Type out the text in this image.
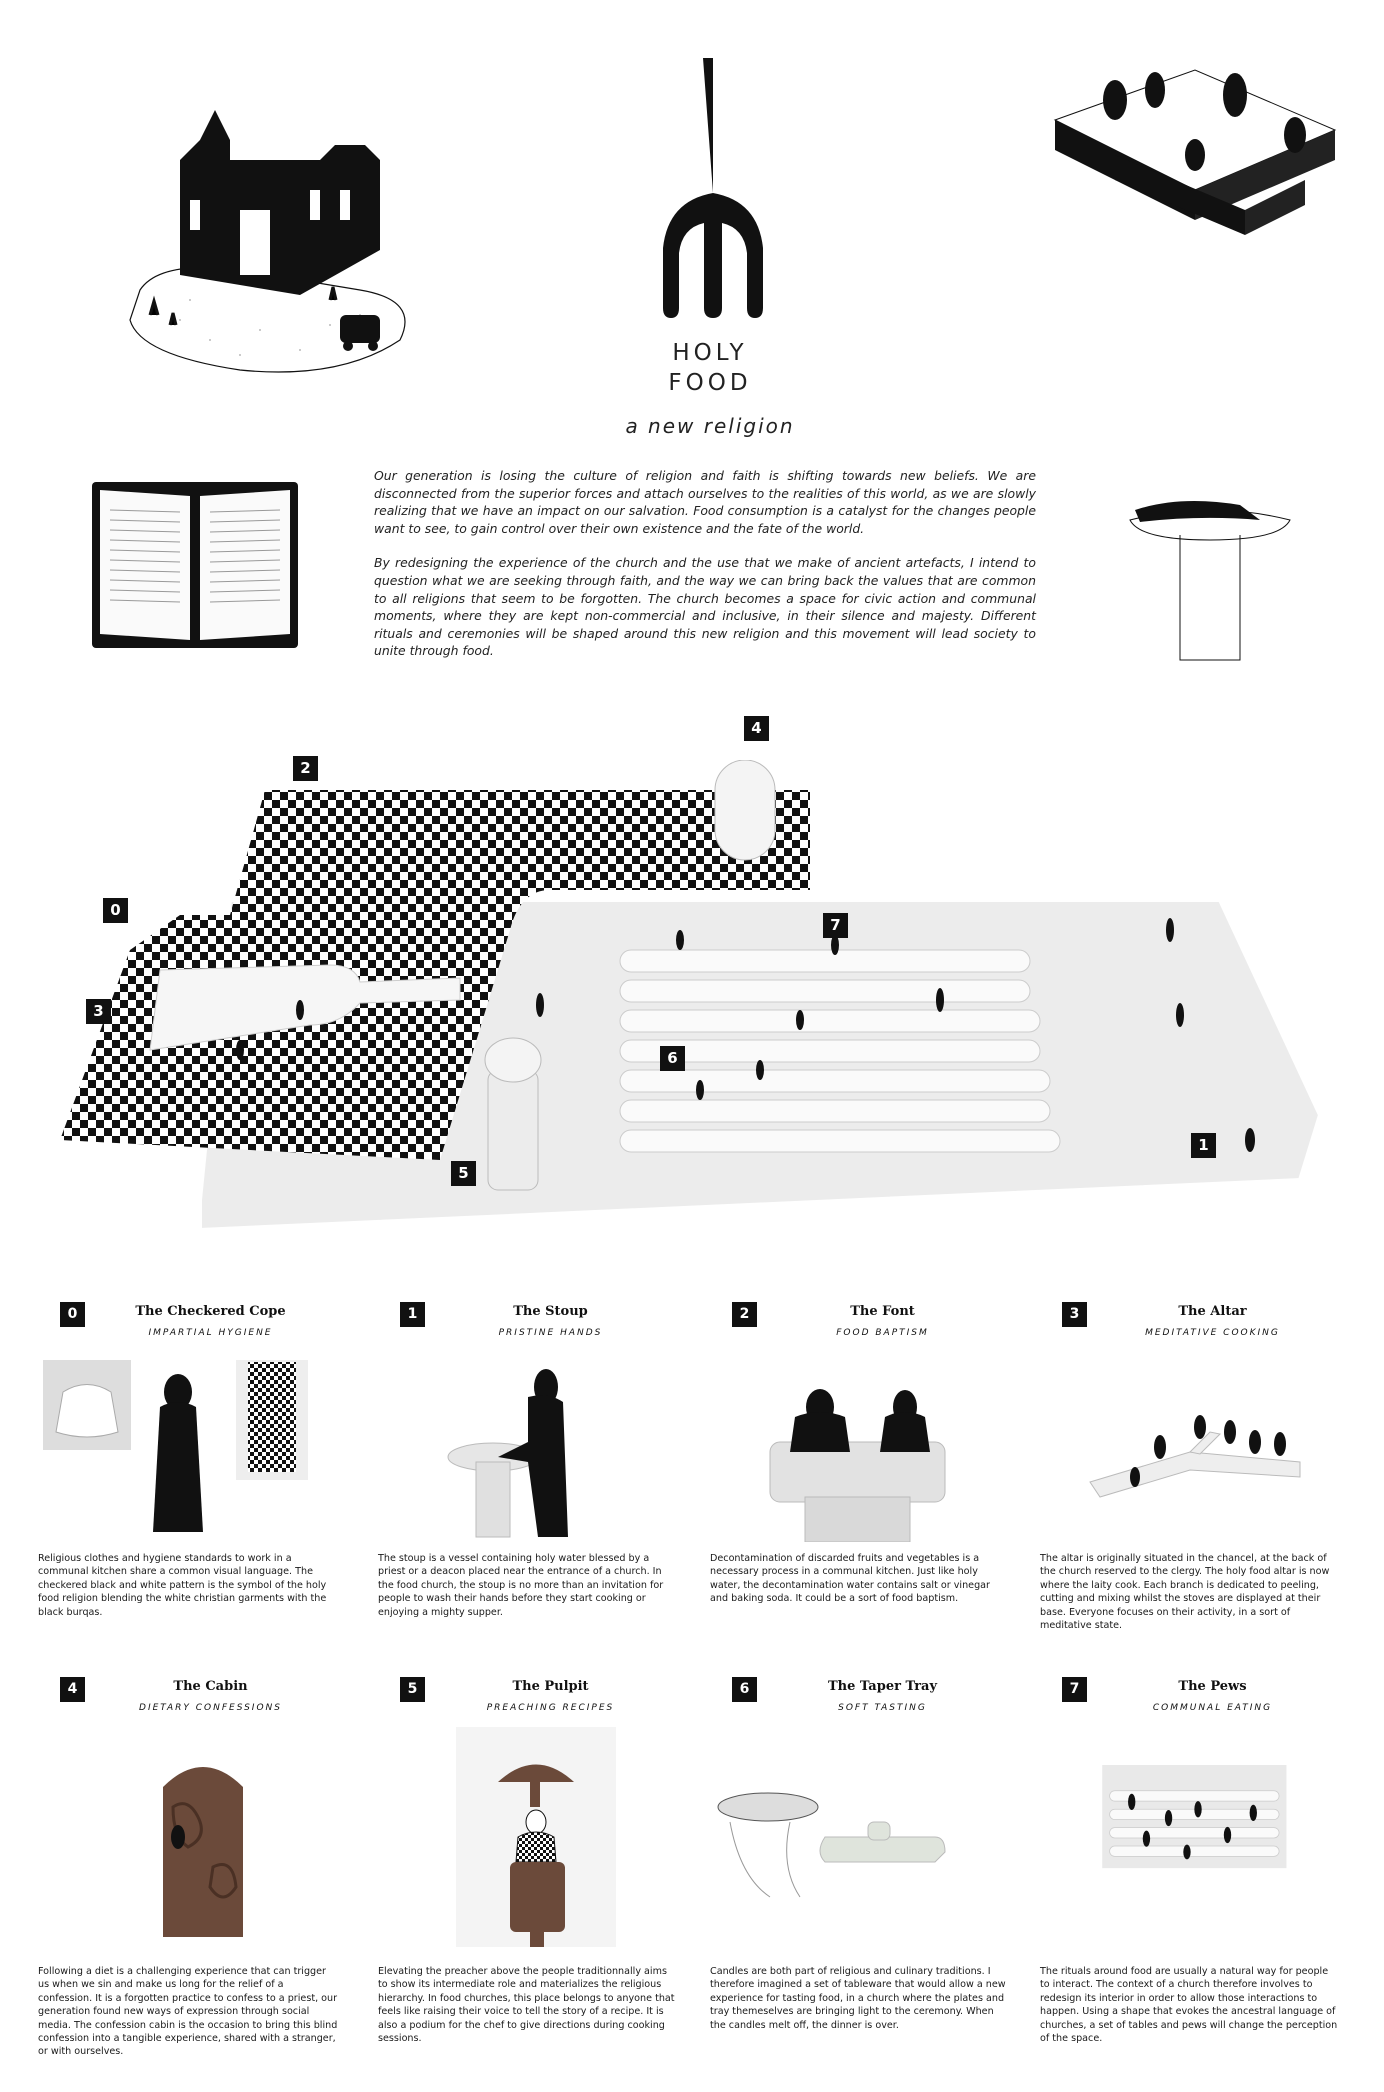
HOLY
FOOD
a new religion

Our generation is losing the culture of religion and faith is shifting towards new beliefs. We are disconnected from the superior forces and attach ourselves to the realities of this world, as we are slowly realizing that we have an impact on our salvation. Food consumption is a catalyst for the changes people want to see, to gain control over their own existence and the fate of the world.

By redesigning the experience of the church and the use that we make of ancient artefacts, I intend to question what we are seeking through faith, and the way we can bring back the values that are common to all religions that seem to be forgotten. The church becomes a space for civic action and communal moments, where they are kept non-commercial and inclusive, in their silence and majesty. Different rituals and ceremonies will be shaped around this new religion and this movement will lead society to unite through food.

0
1
2
3
4
5
6
7
0	The Checkered Cope
IMPARTIAL HYGIENE
Religious clothes and hygiene standards to work in a communal kitchen share a common visual language. The checkered black and white pattern is the symbol of the holy food religion blending the white christian garments with the black burqas.
1	The Stoup
PRISTINE HANDS
The stoup is a vessel containing holy water blessed by a priest or a deacon placed near the entrance of a church. In the food church, the stoup is no more than an invitation for people to wash their hands before they start cooking or enjoying a mighty supper.
2	The Font
FOOD BAPTISM
Decontamination of discarded fruits and vegetables is a necessary process in a communal kitchen. Just like holy water, the decontamination water contains salt or vinegar and baking soda. It could be a sort of food baptism.
3	The Altar
MEDITATIVE COOKING
The altar is originally situated in the chancel, at the back of the church reserved to the clergy. The holy food altar is now where the laity cook. Each branch is dedicated to peeling, cutting and mixing whilst the stoves are displayed at their base. Everyone focuses on their activity, in a sort of meditative state.
4	The Cabin
DIETARY CONFESSIONS
Following a diet is a challenging experience that can trigger us when we sin and make us long for the relief of a confession. It is a forgotten practice to confess to a priest, our generation found new ways of expression through social media. The confession cabin is the occasion to bring this blind confession into a tangible experience, shared with a stranger, or with ourselves.
5	The Pulpit
PREACHING RECIPES
Elevating the preacher above the people traditionnally aims to show its intermediate role and materializes the religious hierarchy. In food churches, this place belongs to anyone that feels like raising their voice to tell the story of a recipe. It is also a podium for the chef to give directions during cooking sessions.
6	The Taper Tray
SOFT TASTING
Candles are both part of religious and culinary traditions. I therefore imagined a set of tableware that would allow a new experience for tasting food, in a church where the plates and tray themeselves are bringing light to the ceremony. When the candles melt off, the dinner is over.
7	The Pews
COMMUNAL EATING
The rituals around food are usually a natural way for people to interact. The context of a church therefore involves to redesign its interior in order to allow those interactions to happen. Using a shape that evokes the ancestral language of churches, a set of tables and pews will change the perception of the space.
